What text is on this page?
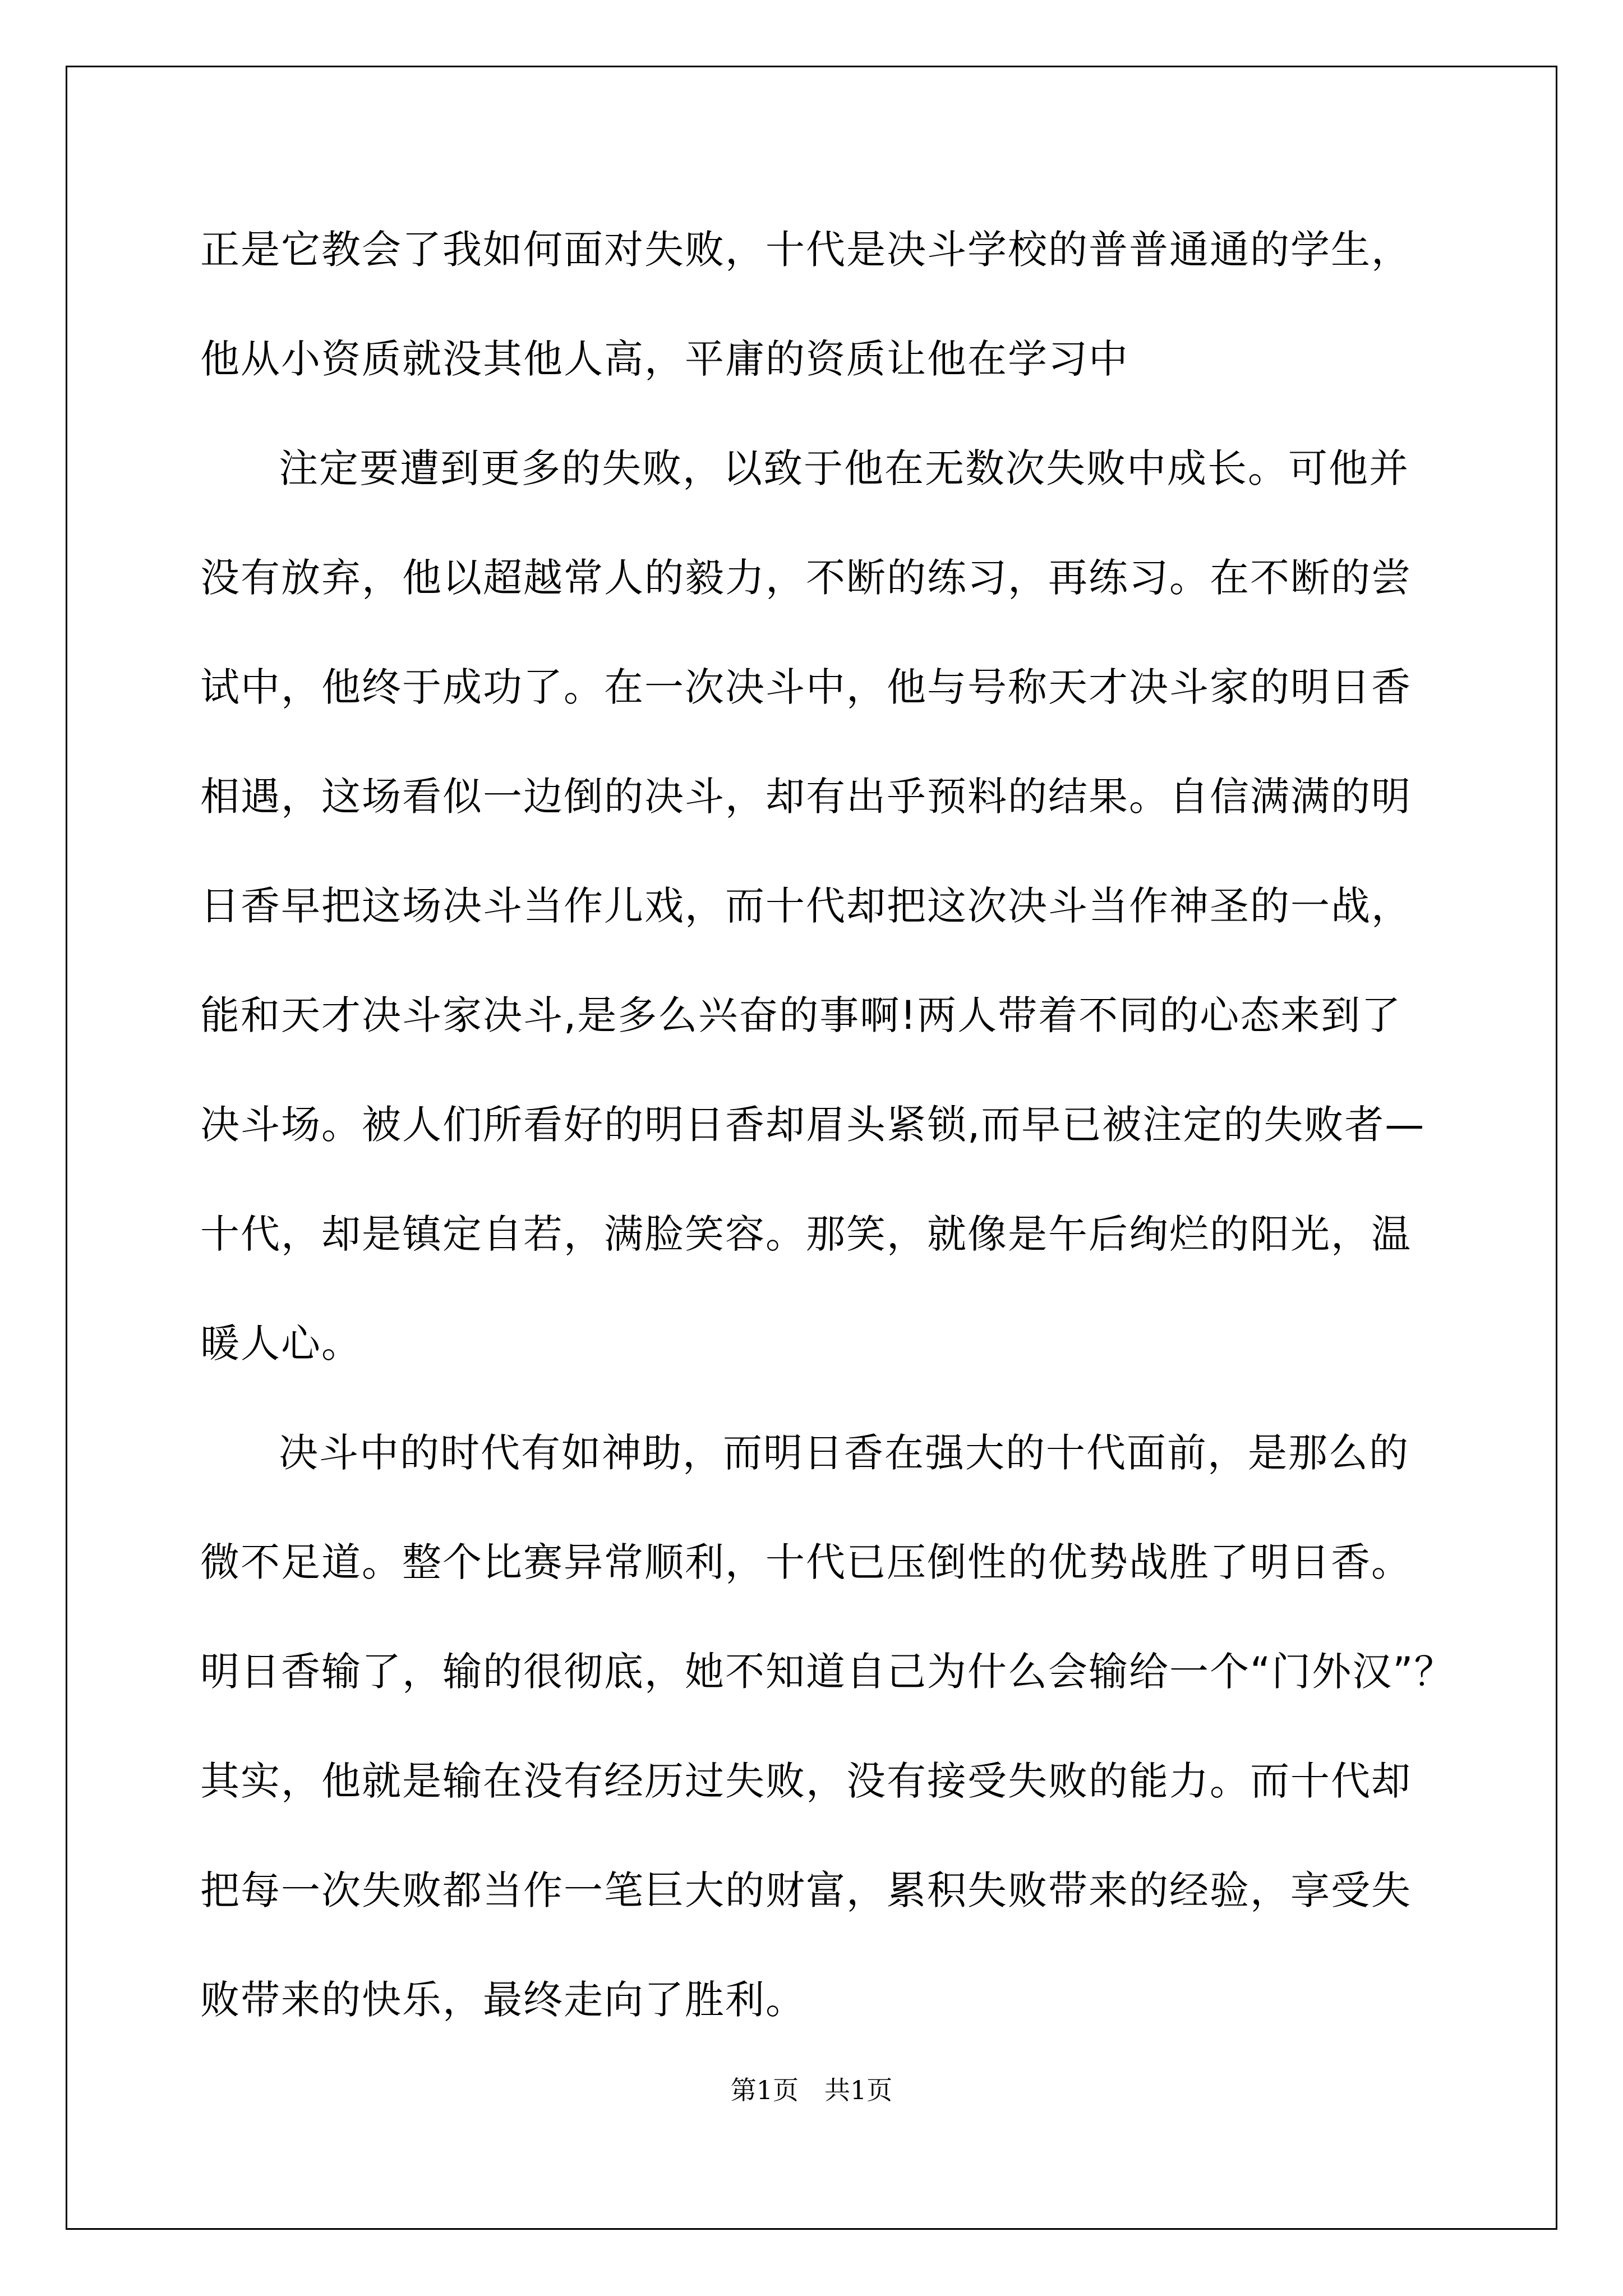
正是它教会了我如何面对失败，十代是决斗学校的普普通通的学生，
他从小资质就没其他人高，平庸的资质让他在学习中
注定要遭到更多的失败，以致于他在无数次失败中成长。可他并
没有放弃，他以超越常人的毅力，不断的练习，再练习。在不断的尝
试中，他终于成功了。在一次决斗中，他与号称天才决斗家的明日香
相遇，这场看似一边倒的决斗，却有出乎预料的结果。自信满满的明
日香早把这场决斗当作儿戏，而十代却把这次决斗当作神圣的一战，
能和天才决斗家决斗,是多么兴奋的事啊!两人带着不同的心态来到了
决斗场。被人们所看好的明日香却眉头紧锁,而早已被注定的失败者—
十代，却是镇定自若，满脸笑容。那笑，就像是午后绚烂的阳光，温
暖人心。
决斗中的时代有如神助，而明日香在强大的十代面前，是那么的
微不足道。整个比赛异常顺利，十代已压倒性的优势战胜了明日香。
明日香输了，输的很彻底，她不知道自己为什么会输给一个“门外汉”？
其实，他就是输在没有经历过失败，没有接受失败的能力。而十代却
把每一次失败都当作一笔巨大的财富，累积失败带来的经验，享受失
败带来的快乐，最终走向了胜利。
第1页　共1页
